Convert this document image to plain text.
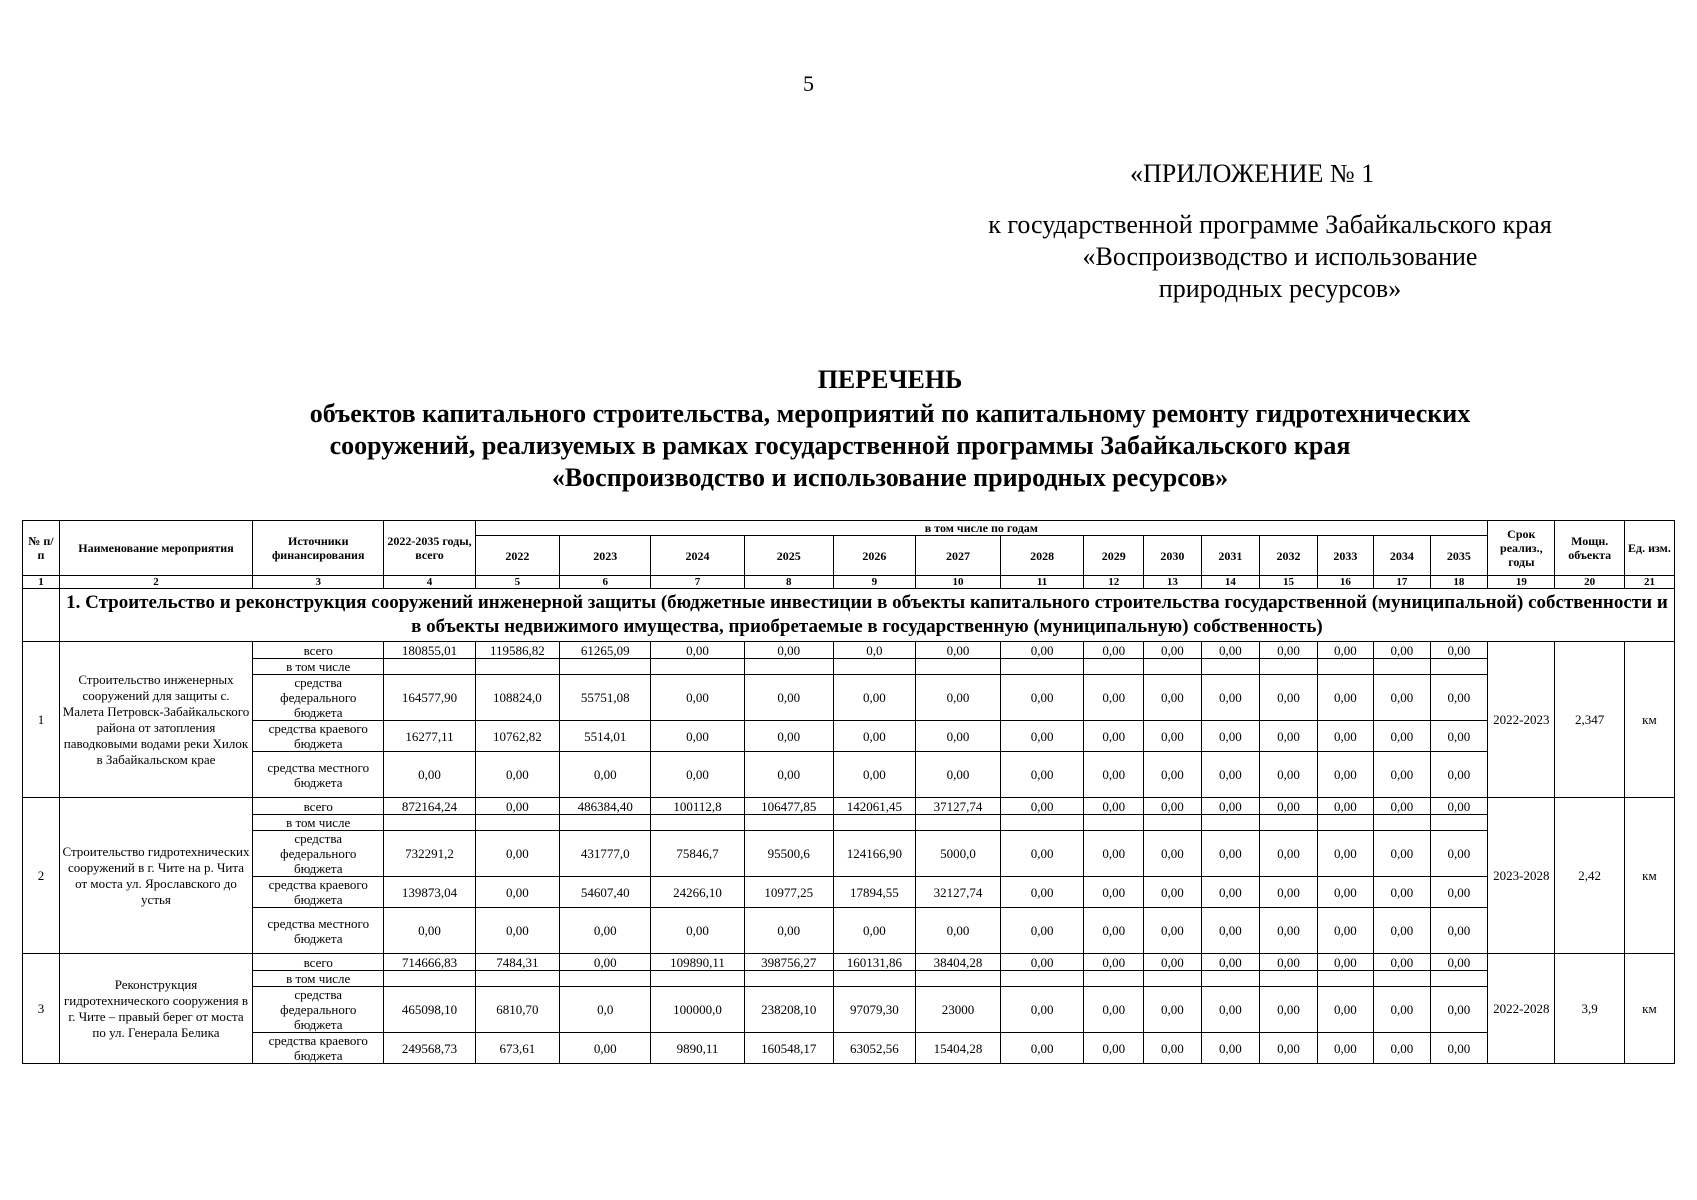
5
«ПРИЛОЖЕНИЕ № 1
к государственной программе Забайкальского края
«Воспроизводство и использование
природных ресурсов»
ПЕРЕЧЕНЬ
объектов капитального строительства, мероприятий по капитальному ремонту гидротехнических
сооружений, реализуемых в рамках государственной программы Забайкальского края
«Воспроизводство и использование природных ресурсов»
№ п/п	Наименование мероприятия	Источники финансирования	2022-2035 годы, всего	в том числе по годам														Срок реализ., годы	Мощн. объекта	Ед. изм.
				2022	2023	2024	2025	2026	2027	2028	2029	2030	2031	2032	2033	2034	2035			
1	2	3	4	5	6	7	8	9	10	11	12	13	14	15	16	17	18	19	20	21
	1. Строительство и реконструкция сооружений инженерной защиты (бюджетные инвестиции в объекты капитального строительства государственной (муниципальной) собственности и в объекты недвижимого имущества, приобретаемые в государственную (муниципальную) собственность)																			
1	Строительство инженерных сооружений для защиты с. Малета Петровск-Забайкальского района от затопления паводковыми водами реки Хилок в Забайкальском крае	всего	180855,01	119586,82	61265,09	0,00	0,00	0,0	0,00	0,00	0,00	0,00	0,00	0,00	0,00	0,00	0,00	2022-2023	2,347	км
		в том числе																		
		средства федерального бюджета	164577,90	108824,0	55751,08	0,00	0,00	0,00	0,00	0,00	0,00	0,00	0,00	0,00	0,00	0,00	0,00			
		средства краевого бюджета	16277,11	10762,82	5514,01	0,00	0,00	0,00	0,00	0,00	0,00	0,00	0,00	0,00	0,00	0,00	0,00			
		средства местного бюджета	0,00	0,00	0,00	0,00	0,00	0,00	0,00	0,00	0,00	0,00	0,00	0,00	0,00	0,00	0,00			
2	Строительство гидротехнических сооружений в г. Чите на р. Чита от моста ул. Ярославского до устья	всего	872164,24	0,00	486384,40	100112,8	106477,85	142061,45	37127,74	0,00	0,00	0,00	0,00	0,00	0,00	0,00	0,00	2023-2028	2,42	км
		в том числе																		
		средства федерального бюджета	732291,2	0,00	431777,0	75846,7	95500,6	124166,90	5000,0	0,00	0,00	0,00	0,00	0,00	0,00	0,00	0,00			
		средства краевого бюджета	139873,04	0,00	54607,40	24266,10	10977,25	17894,55	32127,74	0,00	0,00	0,00	0,00	0,00	0,00	0,00	0,00			
		средства местного бюджета	0,00	0,00	0,00	0,00	0,00	0,00	0,00	0,00	0,00	0,00	0,00	0,00	0,00	0,00	0,00			
3	Реконструкция гидротехнического сооружения в г. Чите – правый берег от моста по ул. Генерала Белика	всего	714666,83	7484,31	0,00	109890,11	398756,27	160131,86	38404,28	0,00	0,00	0,00	0,00	0,00	0,00	0,00	0,00	2022-2028	3,9	км
		в том числе																		
		средства федерального бюджета	465098,10	6810,70	0,0	100000,0	238208,10	97079,30	23000	0,00	0,00	0,00	0,00	0,00	0,00	0,00	0,00			
		средства краевого бюджета	249568,73	673,61	0,00	9890,11	160548,17	63052,56	15404,28	0,00	0,00	0,00	0,00	0,00	0,00	0,00	0,00			
